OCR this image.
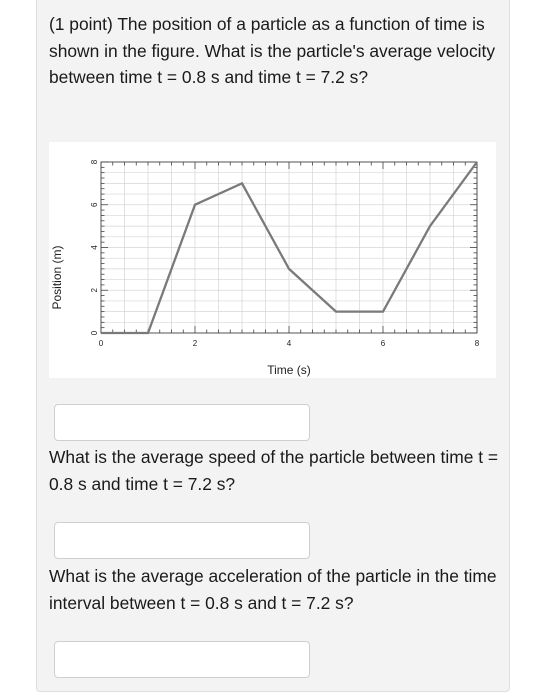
(1 point) The position of a particle as a function of time is shown in the figure. What is the particle's average velocity between time t = 0.8 s and time t = 7.2 s?

0	2	4	6	8
0
2
4
6
8
Time (s)
Position (m)

What is the average speed of the particle between time t = 0.8 s and time t = 7.2 s?

What is the average acceleration of the particle in the time interval between t = 0.8 s and t = 7.2 s?
